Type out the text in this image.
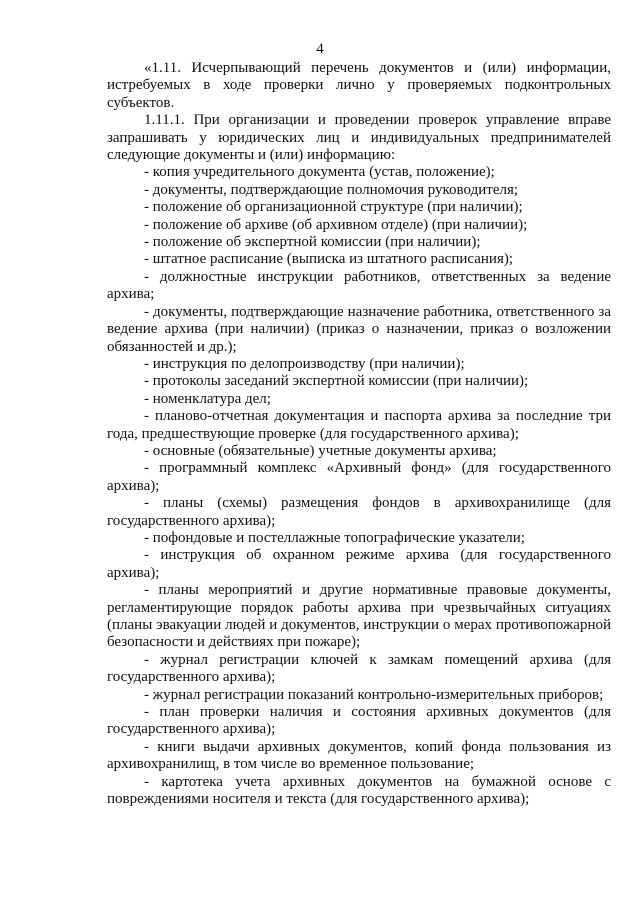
4

«1.11. Исчерпывающий перечень документов и (или) информации, истребуемых в ходе проверки лично у проверяемых подконтрольных субъектов.

1.11.1. При организации и проведении проверок управление вправе запрашивать у юридических лиц и индивидуальных предпринимателей следующие документы и (или) информацию:

- копия учредительного документа (устав, положение);

- документы, подтверждающие полномочия руководителя;

- положение об организационной структуре (при наличии);

- положение об архиве (об архивном отделе) (при наличии);

- положение об экспертной комиссии (при наличии);

- штатное расписание (выписка из штатного расписания);

- должностные инструкции работников, ответственных за ведение архива;

- документы, подтверждающие назначение работника, ответственного за ведение архива (при наличии) (приказ о назначении, приказ о возложении обязанностей и др.);

- инструкция по делопроизводству (при наличии);

- протоколы заседаний экспертной комиссии (при наличии);

- номенклатура дел;

- планово-отчетная документация и паспорта архива за последние три года, предшествующие проверке (для государственного архива);

- основные (обязательные) учетные документы архива;

- программный комплекс «Архивный фонд» (для государственного архива);

- планы (схемы) размещения фондов в архивохранилище (для государственного архива);

- пофондовые и постеллажные топографические указатели;

- инструкция об охранном режиме архива (для государственного архива);

- планы мероприятий и другие нормативные правовые документы, регламентирующие порядок работы архива при чрезвычайных ситуациях (планы эвакуации людей и документов, инструкции о мерах противопожарной безопасности и действиях при пожаре);

- журнал регистрации ключей к замкам помещений архива (для государственного архива);

- журнал регистрации показаний контрольно-измерительных приборов;

- план проверки наличия и состояния архивных документов (для государственного архива);

- книги выдачи архивных документов, копий фонда пользования из архивохранилищ, в том числе во временное пользование;

- картотека учета архивных документов на бумажной основе с повреждениями носителя и текста (для государственного архива);
